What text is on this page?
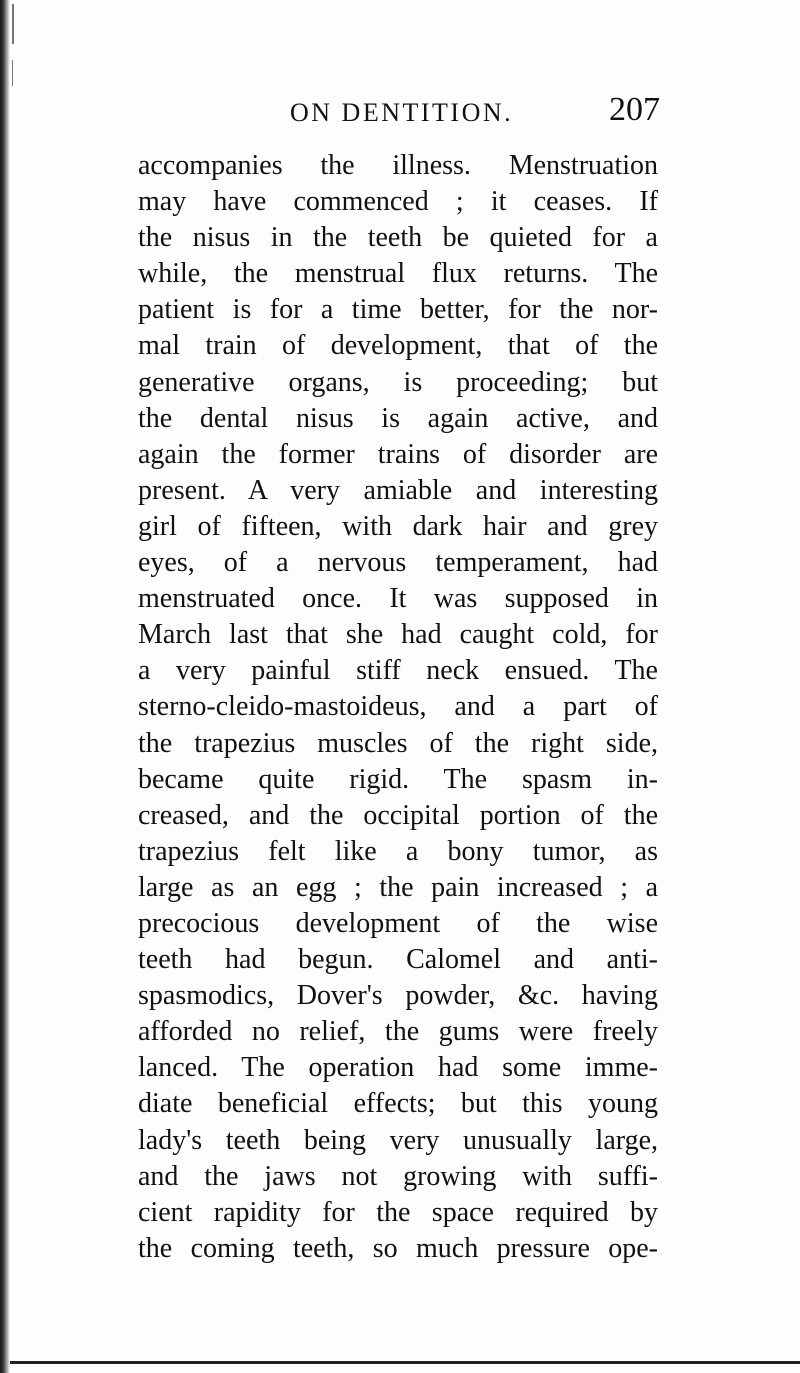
ON DENTITION.	207
accompanies the illness. Menstruation
may have commenced ; it ceases. If
the nisus in the teeth be quieted for a
while, the menstrual flux returns. The
patient is for a time better, for the nor-
mal train of development, that of the
generative organs, is proceeding; but
the dental nisus is again active, and
again the former trains of disorder are
present. A very amiable and interesting
girl of fifteen, with dark hair and grey
eyes, of a nervous temperament, had
menstruated once. It was supposed in
March last that she had caught cold, for
a very painful stiff neck ensued. The
sterno-cleido-mastoideus, and a part of
the trapezius muscles of the right side,
became quite rigid. The spasm in-
creased, and the occipital portion of the
trapezius felt like a bony tumor, as
large as an egg ; the pain increased ; a
precocious development of the wise
teeth had begun. Calomel and anti-
spasmodics, Dover's powder, &c. having
afforded no relief, the gums were freely
lanced. The operation had some imme-
diate beneficial effects; but this young
lady's teeth being very unusually large,
and the jaws not growing with suffi-
cient rapidity for the space required by
the coming teeth, so much pressure ope-
